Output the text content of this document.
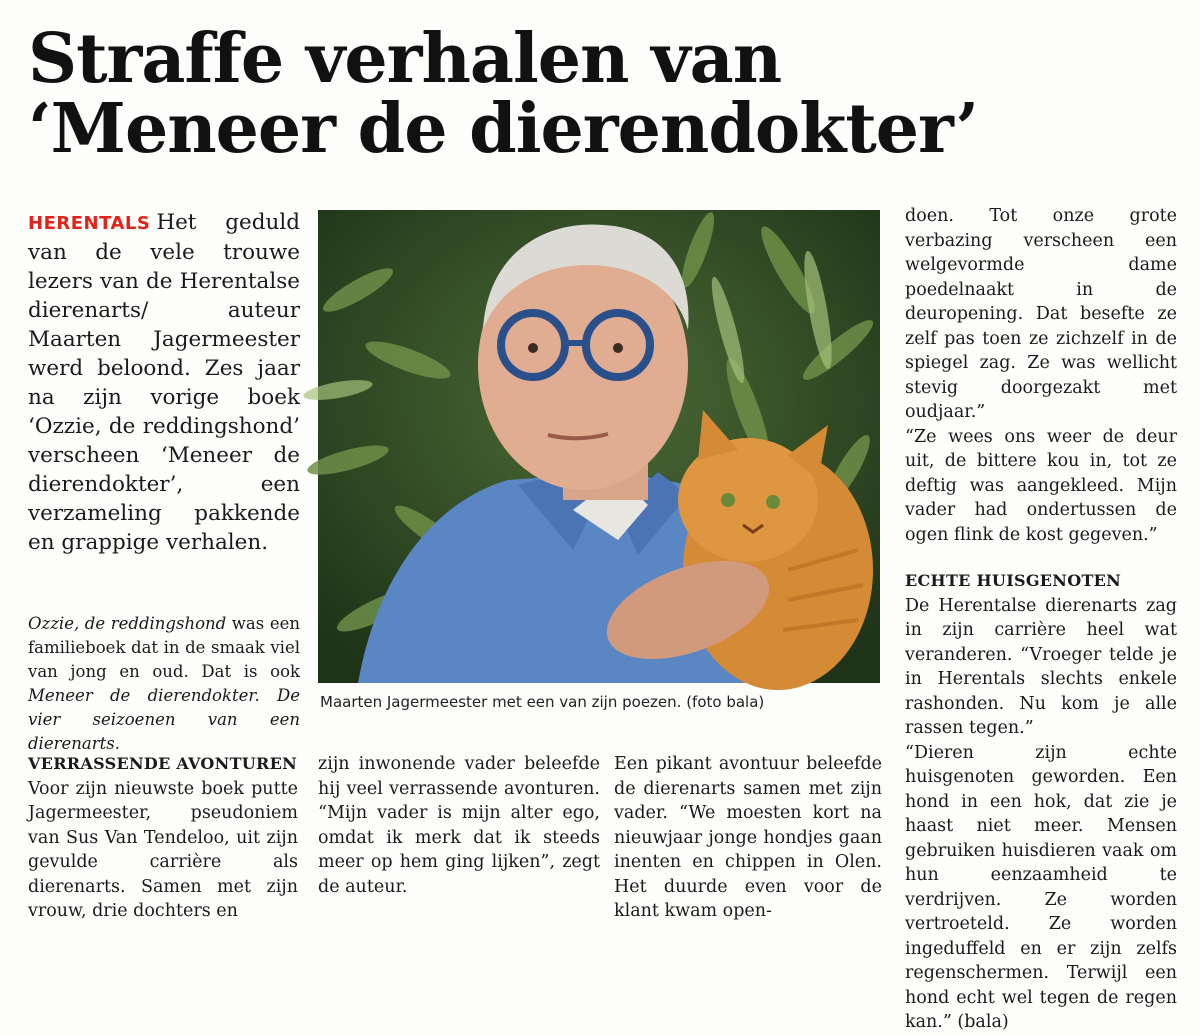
Straffe verhalen van
‘Meneer de dierendokter’

HERENTALS Het geduld van de vele trouwe lezers van de Herentalse dierenarts/ auteur Maarten Jagermeester werd beloond. Zes jaar na zijn vorige boek ‘Ozzie, de reddingshond’ verscheen ‘Meneer de dierendokter’, een verzameling pakkende en grappige verhalen.

Ozzie, de reddingshond was een familieboek dat in de smaak viel van jong en oud. Dat is ook Meneer de dierendokter. De vier seizoenen van een dierenarts.

Maarten Jagermeester met een van zijn poezen. (foto bala)

doen. Tot onze grote verbazing verscheen een welgevormde dame poedelnaakt in de deuropening. Dat besefte ze zelf pas toen ze zichzelf in de spiegel zag. Ze was wellicht stevig doorgezakt met oudjaar.”

“Ze wees ons weer de deur uit, de bittere kou in, tot ze deftig was aangekleed. Mijn vader had ondertussen de ogen flink de kost gegeven.”

ECHTE HUISGENOTEN

De Herentalse dierenarts zag in zijn carrière heel wat veranderen. “Vroeger telde je in Herentals slechts enkele rashonden. Nu kom je alle rassen tegen.”

“Dieren zijn echte huisgenoten geworden. Een hond in een hok, dat zie je haast niet meer. Mensen gebruiken huisdieren vaak om hun eenzaamheid te verdrijven. Ze worden vertroeteld. Ze worden ingeduffeld en er zijn zelfs regenschermen. Terwijl een hond echt wel tegen de regen kan.” (bala)

VERRASSENDE AVONTUREN

Voor zijn nieuwste boek putte Jagermeester, pseudoniem van Sus Van Tendeloo, uit zijn gevulde carrière als dierenarts. Samen met zijn vrouw, drie dochters en

zijn inwonende vader beleefde hij veel verrassende avonturen. “Mijn vader is mijn alter ego, omdat ik merk dat ik steeds meer op hem ging lijken”, zegt de auteur.

Een pikant avontuur beleefde de dierenarts samen met zijn vader. “We moesten kort na nieuwjaar jonge hondjes gaan inenten en chippen in Olen. Het duurde even voor de klant kwam open-
